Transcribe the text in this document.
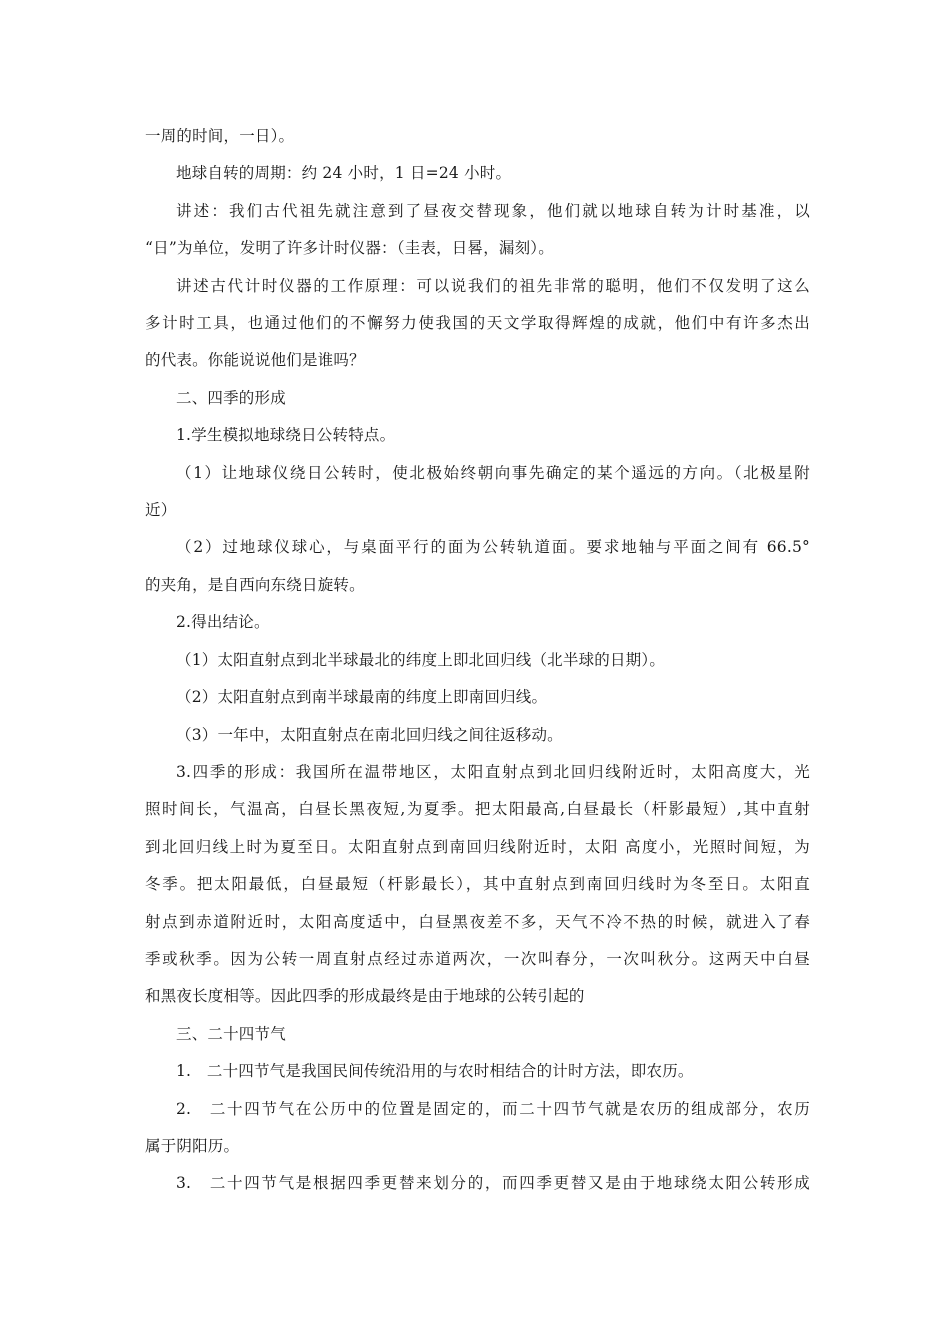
一周的时间，一日）。
地球自转的周期：约 24 小时，1 日=24 小时。
讲述：我们古代祖先就注意到了昼夜交替现象，他们就以地球自转为计时基准，以
“日”为单位，发明了许多计时仪器：（圭表，日晷，漏刻）。
讲述古代计时仪器的工作原理：可以说我们的祖先非常的聪明，他们不仅发明了这么
多计时工具，也通过他们的不懈努力使我国的天文学取得辉煌的成就，他们中有许多杰出
的代表。你能说说他们是谁吗？
二、四季的形成
1.学生模拟地球绕日公转特点。
（1）让地球仪绕日公转时，使北极始终朝向事先确定的某个遥远的方向。（北极星附
近）
（2）过地球仪球心，与桌面平行的面为公转轨道面。要求地轴与平面之间有 66.5°
的夹角，是自西向东绕日旋转。
2.得出结论。
（1）太阳直射点到北半球最北的纬度上即北回归线（北半球的日期）。
（2）太阳直射点到南半球最南的纬度上即南回归线。
（3）一年中，太阳直射点在南北回归线之间往返移动。
3.四季的形成：我国所在温带地区，太阳直射点到北回归线附近时，太阳高度大，光
照时间长，气温高，白昼长黑夜短,为夏季。把太阳最高,白昼最长（杆影最短）,其中直射
到北回归线上时为夏至日。太阳直射点到南回归线附近时，太阳 高度小，光照时间短，为
冬季。把太阳最低，白昼最短（杆影最长），其中直射点到南回归线时为冬至日。太阳直
射点到赤道附近时，太阳高度适中，白昼黑夜差不多，天气不冷不热的时候，就进入了春
季或秋季。因为公转一周直射点经过赤道两次，一次叫春分，一次叫秋分。这两天中白昼
和黑夜长度相等。因此四季的形成最终是由于地球的公转引起的
三、二十四节气
1.　二十四节气是我国民间传统沿用的与农时相结合的计时方法，即农历。
2.　二十四节气在公历中的位置是固定的，而二十四节气就是农历的组成部分，农历
属于阴阳历。
3.　二十四节气是根据四季更替来划分的，而四季更替又是由于地球绕太阳公转形成
